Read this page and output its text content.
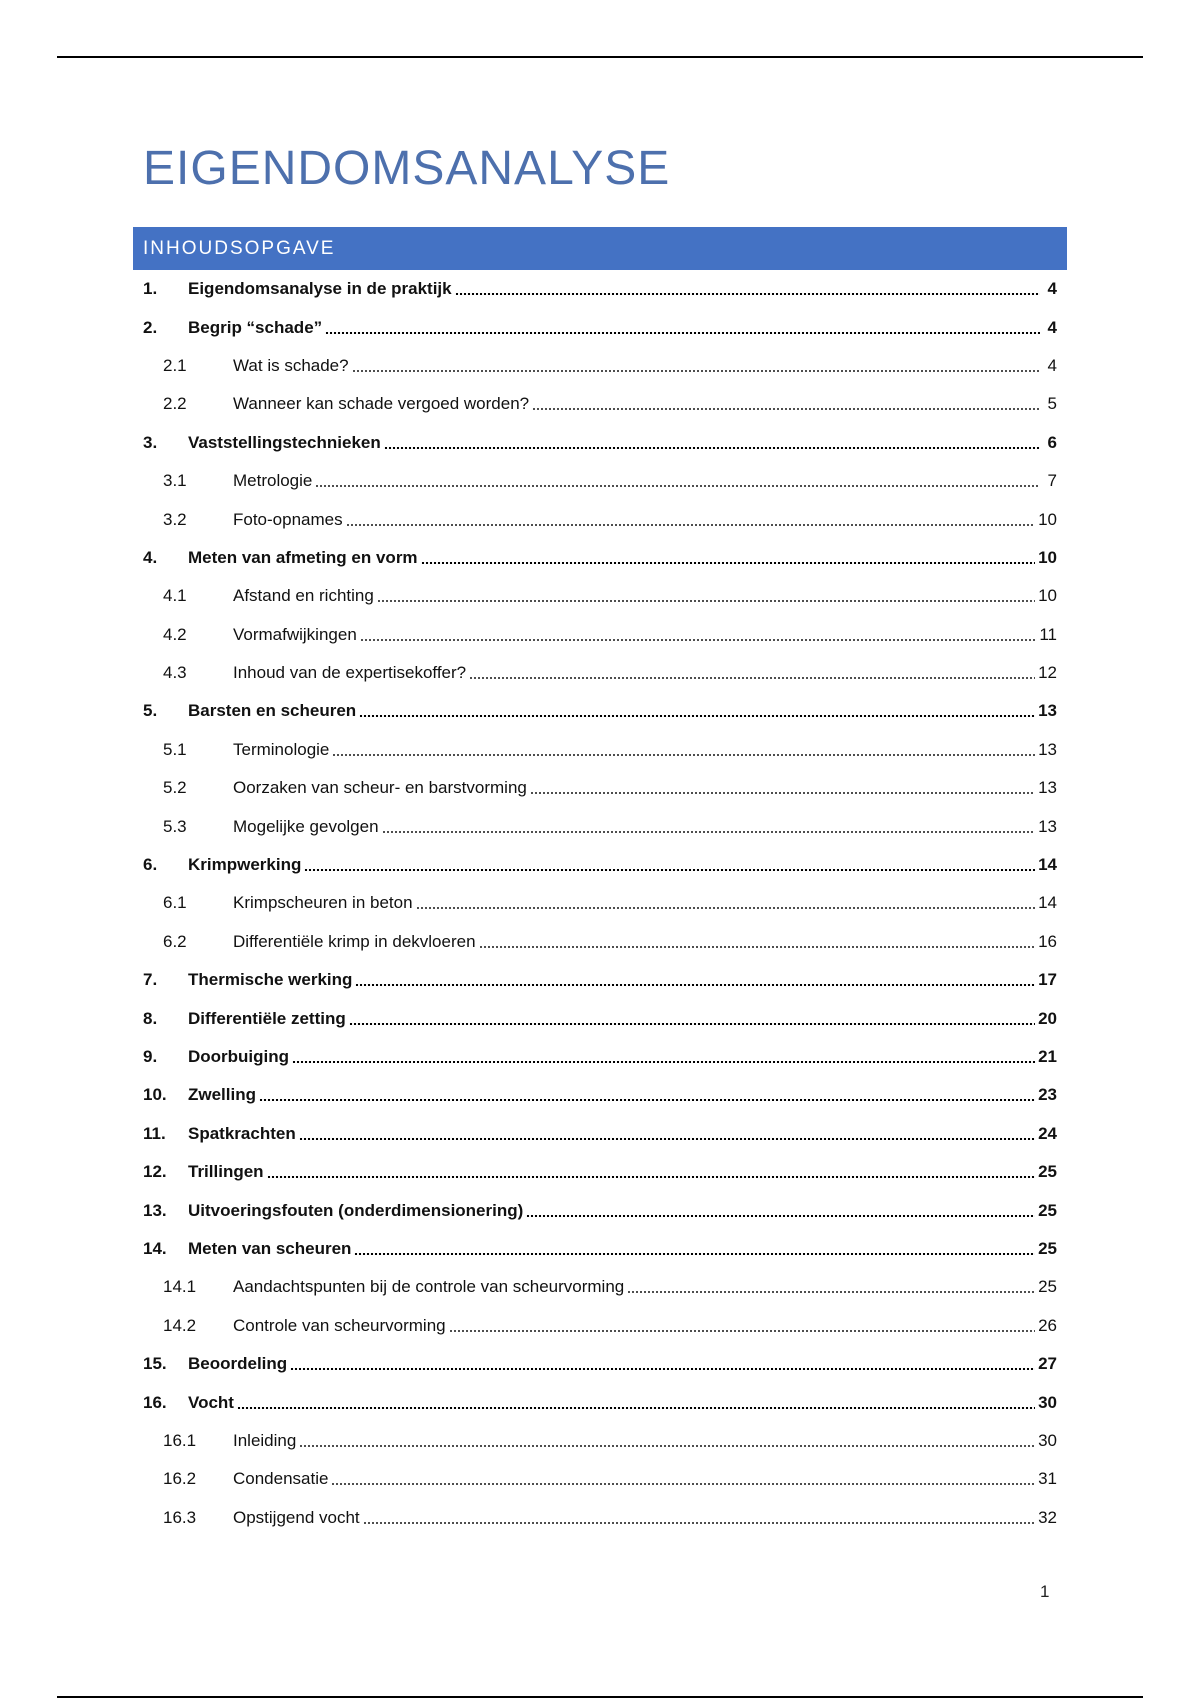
EIGENDOMSANALYSE
INHOUDSOPGAVE
1.	Eigendomsanalyse in de praktijk	4
2.	Begrip “schade”	4
2.1	Wat is schade?	4
2.2	Wanneer kan schade vergoed worden?	5
3.	Vaststellingstechnieken	6
3.1	Metrologie	7
3.2	Foto-opnames	10
4.	Meten van afmeting en vorm	10
4.1	Afstand en richting	10
4.2	Vormafwijkingen	11
4.3	Inhoud van de expertisekoffer?	12
5.	Barsten en scheuren	13
5.1	Terminologie	13
5.2	Oorzaken van scheur- en barstvorming	13
5.3	Mogelijke gevolgen	13
6.	Krimpwerking	14
6.1	Krimpscheuren in beton	14
6.2	Differentiële krimp in dekvloeren	16
7.	Thermische werking	17
8.	Differentiële zetting	20
9.	Doorbuiging	21
10.	Zwelling	23
11.	Spatkrachten	24
12.	Trillingen	25
13.	Uitvoeringsfouten (onderdimensionering)	25
14.	Meten van scheuren	25
14.1	Aandachtspunten bij de controle van scheurvorming	25
14.2	Controle van scheurvorming	26
15.	Beoordeling	27
16.	Vocht	30
16.1	Inleiding	30
16.2	Condensatie	31
16.3	Opstijgend vocht	32
1
